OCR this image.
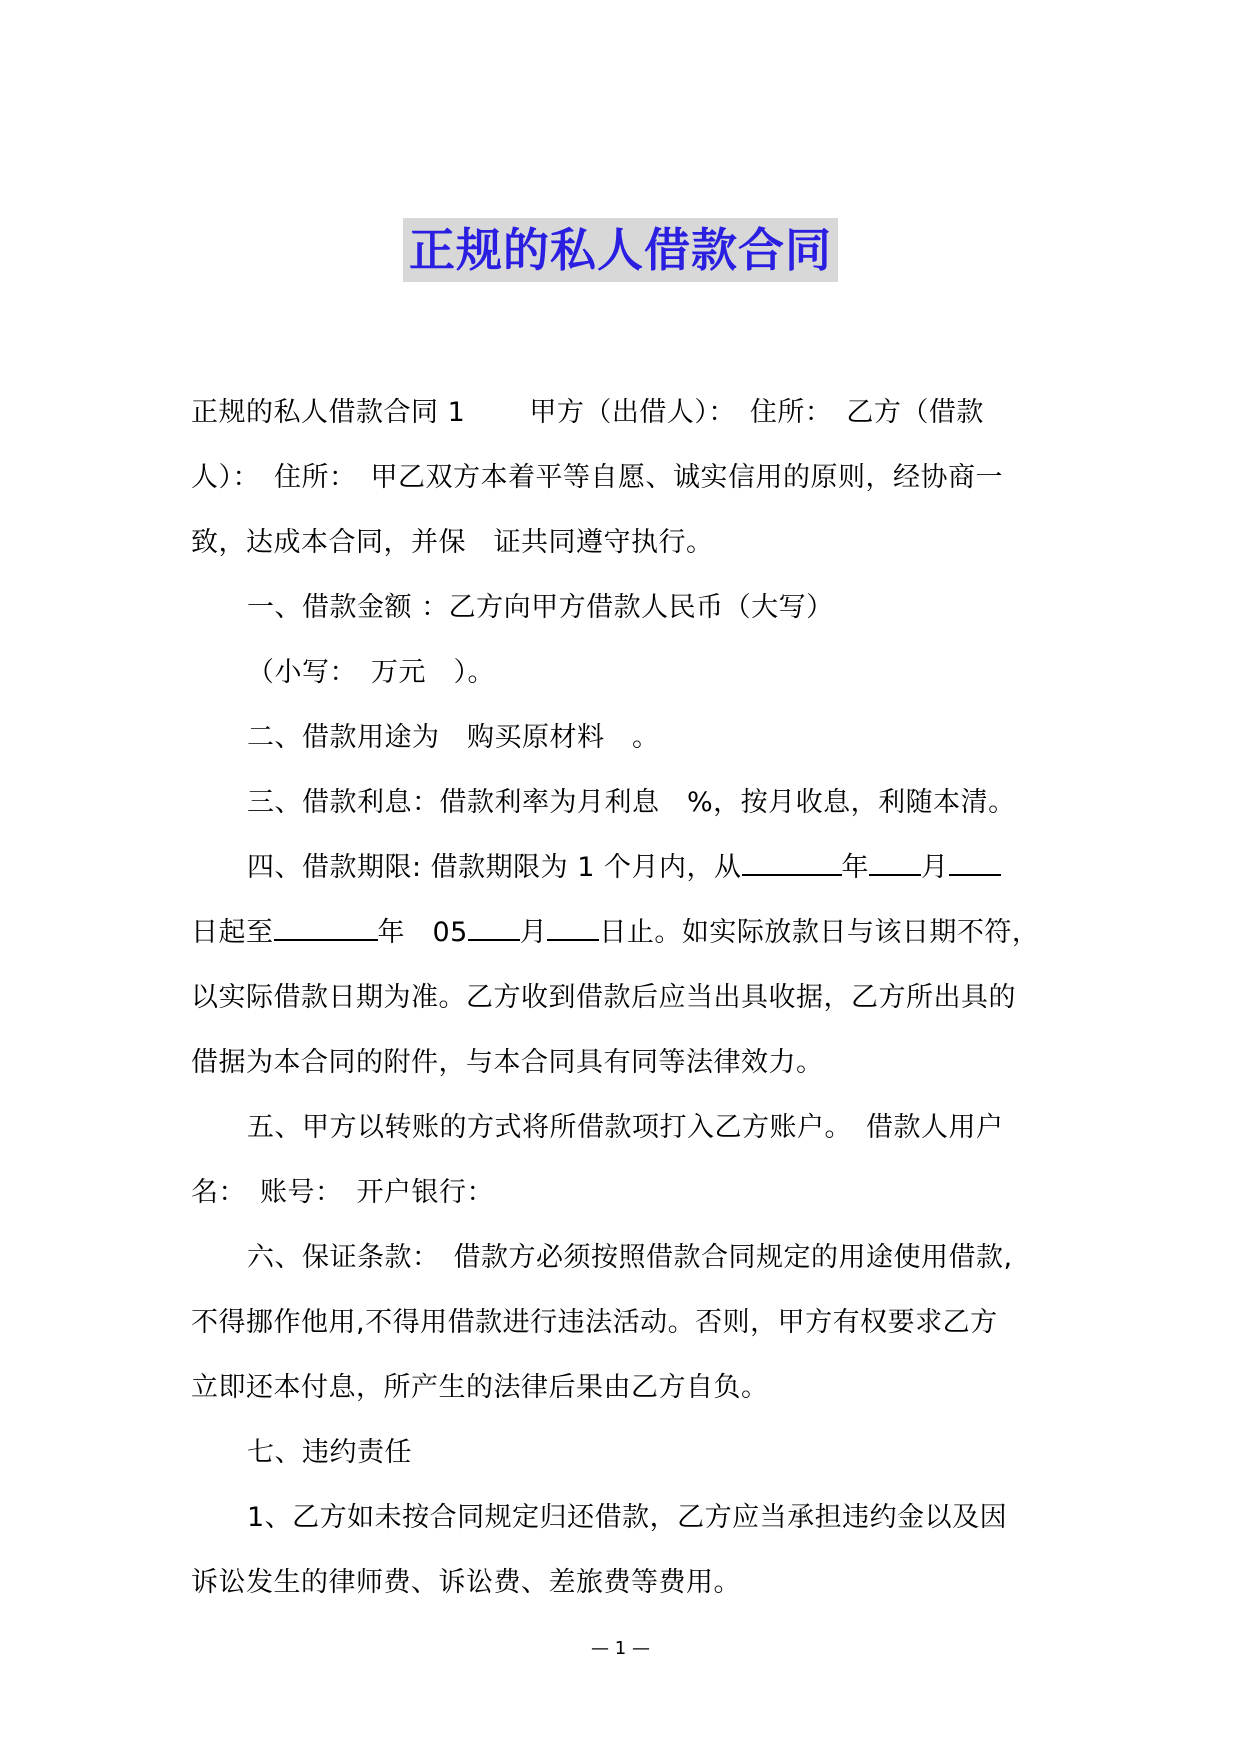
正规的私人借款合同

正规的私人借款合同 1 　　甲方（出借人）：　住所：　乙方（借款

人）：　住所：　甲乙双方本着平等自愿、诚实信用的原则，经协商一

致，达成本合同，并保　证共同遵守执行。

一、借款金额 ：乙方向甲方借款人民币（大写）

（小写：　万元　）。

二、借款用途为　购买原材料　。

三、借款利息：借款利率为月利息　%，按月收息，利随本清。

四、借款期限: 借款期限为 1 个月内，从	年 月

日起至	年　05 月 日止。如实际放款日与该日期不符，

以实际借款日期为准。乙方收到借款后应当出具收据，乙方所出具的

借据为本合同的附件，与本合同具有同等法律效力。

五、甲方以转账的方式将所借款项打入乙方账户。　借款人用户

名：　账号：　开户银行：

六、保证条款：　借款方必须按照借款合同规定的用途使用借款,

不得挪作他用,不得用借款进行违法活动。否则，甲方有权要求乙方

立即还本付息，所产生的法律后果由乙方自负。

七、违约责任

1、乙方如未按合同规定归还借款，乙方应当承担违约金以及因

诉讼发生的律师费、诉讼费、差旅费等费用。

— 1 —
